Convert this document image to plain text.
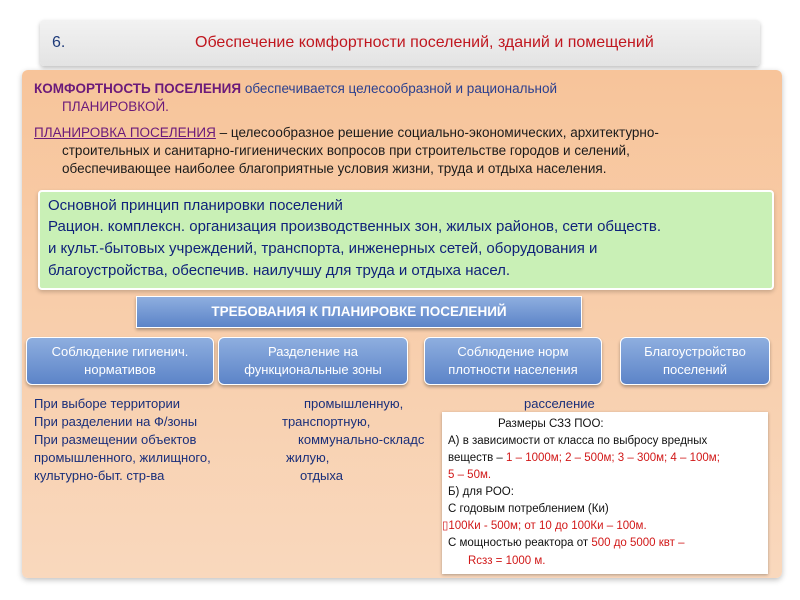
6.	Обеспечение комфортности поселений, зданий и помещений
КОМФОРТНОСТЬ ПОСЕЛЕНИЯ обеспечивается целесообразной и рациональной
ПЛАНИРОВКОЙ.
ПЛАНИРОВКА ПОСЕЛЕНИЯ – целесообразное решение социально-экономических, архитектурно-
строительных и санитарно-гигиенических вопросов при строительстве городов и селений,
обеспечивающее наиболее благоприятные условия жизни, труда и отдыха населения.
Основной принцип планировки поселений
Рацион. комплексн. организация производственных зон, жилых районов, сети обществ.
и культ.-бытовых учреждений, транспорта, инженерных сетей, оборудования и
благоустройства, обеспечив. наилучшу для труда и отдыха насел.
ТРЕБОВАНИЯ К ПЛАНИРОВКЕ ПОСЕЛЕНИЙ
Соблюдение гигиенич.
нормативов
Разделение на
функциональные зоны
Соблюдение норм
плотности населения
Благоустройство
поселений
При выборе территории
При разделении на Ф/зоны
При размещении объектов
промышленного, жилищного,
культурно-быт. стр-ва
промышленную,
транспортную,
коммунально-складс
жилую,
отдыха
расселение
Размеры СЗЗ ПОО:
А) в зависимости от класса по выбросу вредных
веществ – 1 – 1000м; 2 – 500м; 3 – 300м; 4 – 100м;
5 – 50м.
Б) для РОО:
С годовым потреблением (Ки)
▯100Ки - 500м; от 10 до 100Ки – 100м.
С мощностью реактора от 500 до 5000 квт –
Rсзз = 1000 м.
